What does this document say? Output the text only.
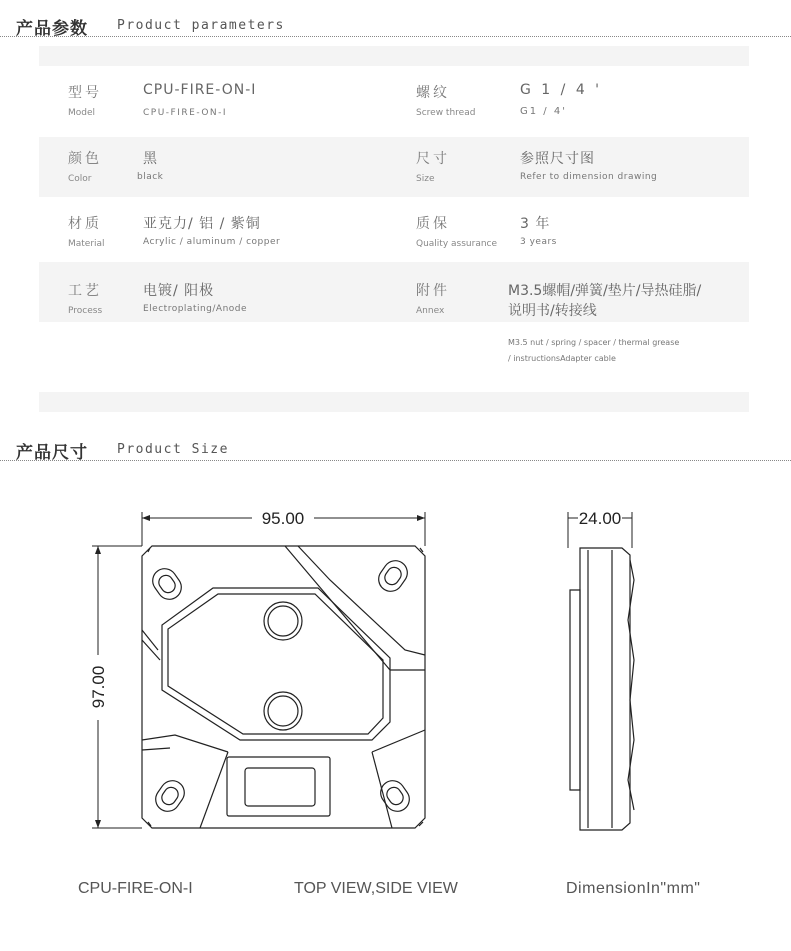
产品参数 Product parameters
型号
Model
CPU-FIRE-ON-I
CPU-FIRE-ON-I
螺纹
Screw thread
G 1 / 4 '
G1 / 4'
颜色
Color
黑
black
尺寸
Size
参照尺寸图
Refer to dimension drawing
材质
Material
亚克力/ 铝 / 紫铜
Acrylic / aluminum / copper
质保
Quality assurance
3 年
3 years
工艺
Process
电镀/ 阳极
Electroplating/Anode
附件
Annex
M3.5螺帽/弹簧/垫片/导热硅脂/
说明书/转接线
M3.5 nut / spring / spacer / thermal grease
/ instructionsAdapter cable
产品尺寸 Product Size
95.00
97.00
24.00
CPU-FIRE-ON-I	TOP VIEW,SIDE VIEW	DimensionIn"mm"
